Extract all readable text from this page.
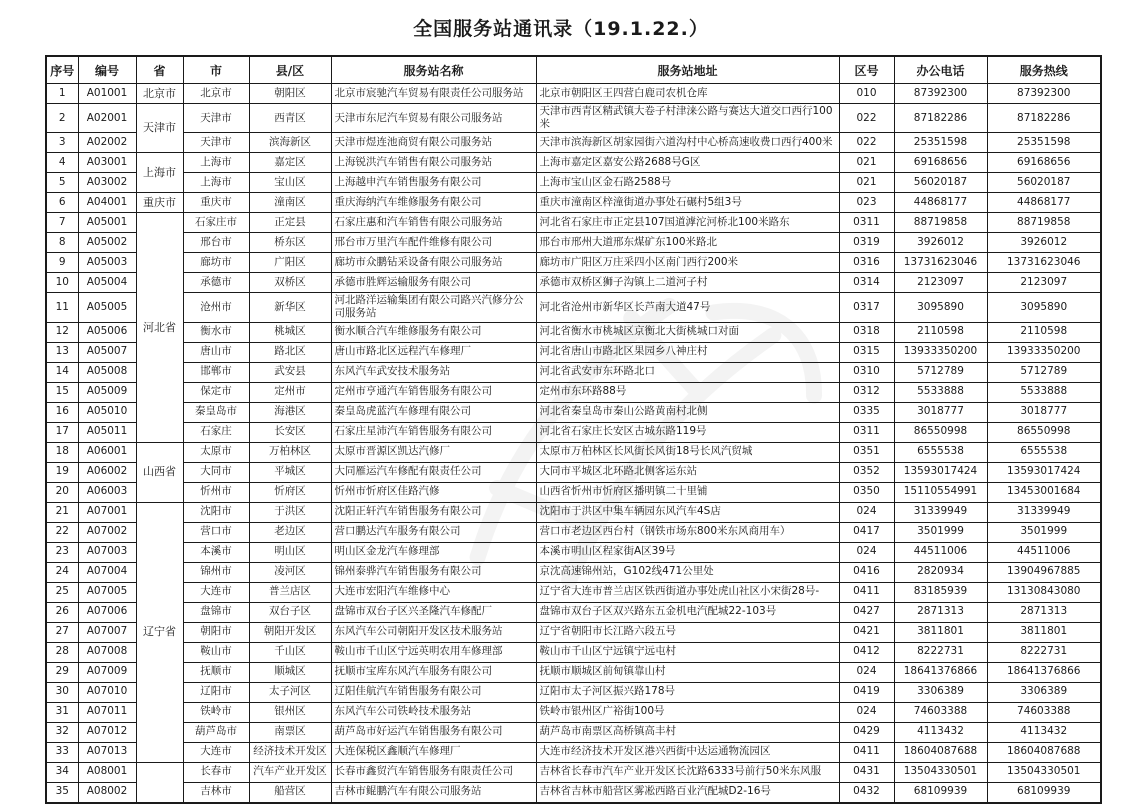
全国服务站通讯录（19.1.22.）
序号	编号	省	市	县/区	服务站名称	服务站地址	区号	办公电话	服务热线
1	A01001	北京市	北京市	朝阳区	北京市宸驰汽车贸易有限责任公司服务站	北京市朝阳区王四营白鹿司农机仓库	010	87392300	87392300
2	A02001	天津市	天津市	西青区	天津市东尼汽车贸易有限公司服务站	天津市西青区精武镇大卷子村津涞公路与赛达大道交口西行100米	022	87182286	87182286
3	A02002		天津市	滨海新区	天津市煜连池商贸有限公司服务站	天津市滨海新区胡家园街六道沟村中心桥高速收费口西行400米	022	25351598	25351598
4	A03001	上海市	上海市	嘉定区	上海锐洪汽车销售有限公司服务站	上海市嘉定区嘉安公路2688号G区	021	69168656	69168656
5	A03002		上海市	宝山区	上海越申汽车销售服务有限公司	上海市宝山区金石路2588号	021	56020187	56020187
6	A04001	重庆市	重庆市	潼南区	重庆海纳汽车维修服务有限公司	重庆市潼南区梓潼街道办事处石碾村5组3号	023	44868177	44868177
7	A05001	河北省	石家庄市	正定县	石家庄惠和汽车销售有限公司服务站	河北省石家庄市正定县107国道滹沱河桥北100米路东	0311	88719858	88719858
8	A05002		邢台市	桥东区	邢台市万里汽车配件维修有限公司	邢台市邢州大道邢东煤矿东100米路北	0319	3926012	3926012
9	A05003		廊坊市	广阳区	廊坊市众鹏钻采设备有限公司服务站	廊坊市广阳区万庄采四小区南门西行200米	0316	13731623046	13731623046
10	A05004		承德市	双桥区	承德市胜辉运输服务有限公司	承德市双桥区狮子沟镇上二道河子村	0314	2123097	2123097
11	A05005		沧州市	新华区	河北路洋运输集团有限公司路兴汽修分公司服务站	河北省沧州市新华区长芦南大道47号	0317	3095890	3095890
12	A05006		衡水市	桃城区	衡水顺合汽车维修服务有限公司	河北省衡水市桃城区京衡北大街桃城口对面	0318	2110598	2110598
13	A05007		唐山市	路北区	唐山市路北区远程汽车修理厂	河北省唐山市路北区果园乡八神庄村	0315	13933350200	13933350200
14	A05008		邯郸市	武安县	东风汽车武安技术服务站	河北省武安市东环路北口	0310	5712789	5712789
15	A05009		保定市	定州市	定州市亨通汽车销售服务有限公司	定州市东环路88号	0312	5533888	5533888
16	A05010		秦皇岛市	海港区	秦皇岛虎蓝汽车修理有限公司	河北省秦皇岛市秦山公路黄南村北侧	0335	3018777	3018777
17	A05011		石家庄	长安区	石家庄星沛汽车销售服务有限公司	河北省石家庄长安区古城东路119号	0311	86550998	86550998
18	A06001	山西省	太原市	万柏林区	太原市晋源区凯达汽修厂	太原市万柏林区长风街长风街18号长风汽贸城	0351	6555538	6555538
19	A06002		大同市	平城区	大同雁运汽车修配有限责任公司	大同市平城区北环路北侧客运东站	0352	13593017424	13593017424
20	A06003		忻州市	忻府区	忻州市忻府区佳路汽修	山西省忻州市忻府区播明镇二十里铺	0350	15110554991	13453001684
21	A07001	辽宁省	沈阳市	于洪区	沈阳正轩汽车销售服务有限公司	沈阳市于洪区中集车辆园东风汽车4S店	024	31339949	31339949
22	A07002		营口市	老边区	营口鹏达汽车服务有限公司	营口市老边区西台村（钢铁市场东800米东风商用车）	0417	3501999	3501999
23	A07003		本溪市	明山区	明山区金龙汽车修理部	本溪市明山区程家街A区39号	024	44511006	44511006
24	A07004		锦州市	凌河区	锦州泰骅汽车销售服务有限公司	京沈高速锦州站，G102线471公里处	0416	2820934	13904967885
25	A07005		大连市	普兰店区	大连市宏阳汽车维修中心	辽宁省大连市普兰店区铁西街道办事处虎山社区小宋街28号-	0411	83185939	13130843080
26	A07006		盘锦市	双台子区	盘锦市双台子区兴圣隆汽车修配厂	盘锦市双台子区双兴路东五金机电汽配城22-103号	0427	2871313	2871313
27	A07007		朝阳市	朝阳开发区	东风汽车公司朝阳开发区技术服务站	辽宁省朝阳市长江路六段五号	0421	3811801	3811801
28	A07008		鞍山市	千山区	鞍山市千山区宁远英明农用车修理部	鞍山市千山区宁远镇宁远屯村	0412	8222731	8222731
29	A07009		抚顺市	顺城区	抚顺市宝库东风汽车服务有限公司	抚顺市顺城区前甸镇靠山村	024	18641376866	18641376866
30	A07010		辽阳市	太子河区	辽阳佳航汽车销售服务有限公司	辽阳市太子河区振兴路178号	0419	3306389	3306389
31	A07011		铁岭市	银州区	东风汽车公司铁岭技术服务站	铁岭市银州区广裕街100号	024	74603388	74603388
32	A07012		葫芦岛市	南票区	葫芦岛市好运汽车销售服务有限公司	葫芦岛市南票区高桥镇高丰村	0429	4113432	4113432
33	A07013		大连市	经济技术开发区	大连保税区鑫顺汽车修理厂	大连市经济技术开发区港兴西街中达运通物流园区	0411	18604087688	18604087688
34	A08001		长春市	汽车产业开发区	长春市鑫贸汽车销售服务有限责任公司	吉林省长春市汽车产业开发区长沈路6333号前行50米东风服	0431	13504330501	13504330501
35	A08002		吉林市	船营区	吉林市鲲鹏汽车有限公司服务站	吉林省吉林市船营区雾凇西路百业汽配城D2-16号	0432	68109939	68109939
